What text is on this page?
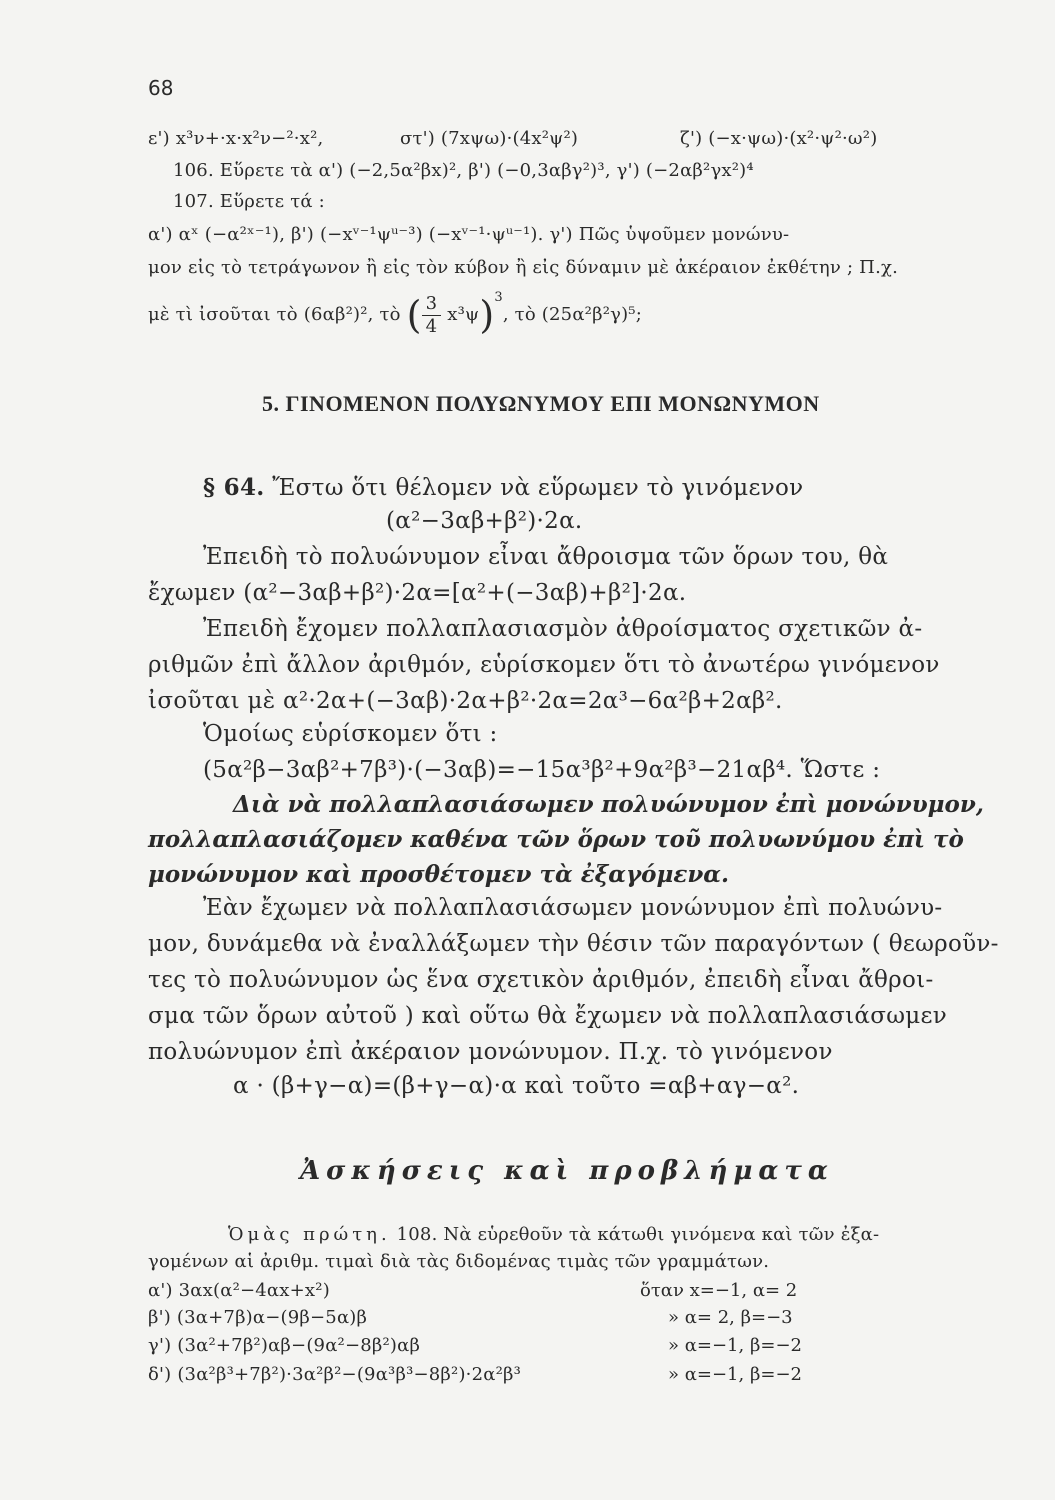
68
ε') x³ν+·x·x²ν−²·x²,	στ') (7xψω)·(4x²ψ²)	ζ') (−x·ψω)·(x²·ψ²·ω²)
106. Εὕρετε τὰ α') (−2,5α²βx)², β') (−0,3αβγ²)³, γ') (−2αβ²γx²)⁴
107. Εὕρετε τά :
α') αˣ (−α²ˣ⁻¹), β') (−xᵛ⁻¹ψᵘ⁻³) (−xᵛ⁻¹·ψᵘ⁻¹). γ') Πῶς ὑψοῦμεν μονώνυ-
μον εἰς τὸ τετράγωνον ἢ εἰς τὸν κύβον ἢ εἰς δύναμιν μὲ ἀκέραιον ἐκθέτην ; Π.χ.
μὲ τὶ ἰσοῦται τὸ (6αβ²)², τὸ ( $\frac{3}{4} x^3\psi)^3$, τὸ (25α²β²γ)⁵;
5. ΓΙΝΟΜΕΝΟΝ ΠΟΛΥΩΝΥΜΟΥ ΕΠΙ ΜΟΝΩΝΥΜΟΝ
§ 64. Ἔστω ὅτι θέλομεν νὰ εὕρωμεν τὸ γινόμενον
(α²−3αβ+β²)·2α.
Ἐπειδὴ τὸ πολυώνυμον εἶναι ἄθροισμα τῶν ὅρων του, θὰ
ἔχωμεν (α²−3αβ+β²)·2α=[α²+(−3αβ)+β²]·2α.
Ἐπειδὴ ἔχομεν πολλαπλασιασμὸν ἀθροίσματος σχετικῶν ἀ-
ριθμῶν ἐπὶ ἄλλον ἀριθμόν, εὑρίσκομεν ὅτι τὸ ἀνωτέρω γινόμενον
ἰσοῦται μὲ α²·2α+(−3αβ)·2α+β²·2α=2α³−6α²β+2αβ².
Ὁμοίως εὑρίσκομεν ὅτι :
(5α²β−3αβ²+7β³)·(−3αβ)=−15α³β²+9α²β³−21αβ⁴. Ὥστε :
Διὰ νὰ πολλαπλασιάσωμεν πολυώνυμον ἐπὶ μονώνυμον,
πολλαπλασιάζομεν καθένα τῶν ὅρων τοῦ πολυωνύμου ἐπὶ τὸ
μονώνυμον καὶ προσθέτομεν τὰ ἐξαγόμενα.
Ἐὰν ἔχωμεν νὰ πολλαπλασιάσωμεν μονώνυμον ἐπὶ πολυώνυ-
μον, δυνάμεθα νὰ ἐναλλάξωμεν τὴν θέσιν τῶν παραγόντων ( θεωροῦν-
τες τὸ πολυώνυμον ὡς ἕνα σχετικὸν ἀριθμόν, ἐπειδὴ εἶναι ἄθροι-
σμα τῶν ὅρων αὐτοῦ ) καὶ οὕτω θὰ ἔχωμεν νὰ πολλαπλασιάσωμεν
πολυώνυμον ἐπὶ ἀκέραιον μονώνυμον. Π.χ. τὸ γινόμενον
α · (β+γ−α)=(β+γ−α)·α καὶ τοῦτο =αβ+αγ−α².
Ἀσκήσεις καὶ προβλήματα
Ὁμὰς πρώτη. 108. Νὰ εὑρεθοῦν τὰ κάτωθι γινόμενα καὶ τῶν ἐξα-
γομένων αἱ ἀριθμ. τιμαὶ διὰ τὰς διδομένας τιμὰς τῶν γραμμάτων.
α') 3αx(α²−4αx+x²)	ὅταν x=−1, α= 2
β') (3α+7β)α−(9β−5α)β	» α= 2, β=−3
γ') (3α²+7β²)αβ−(9α²−8β²)αβ	» α=−1, β=−2
δ') (3α²β³+7β²)·3α²β²−(9α³β³−8β²)·2α²β³	» α=−1, β=−2
